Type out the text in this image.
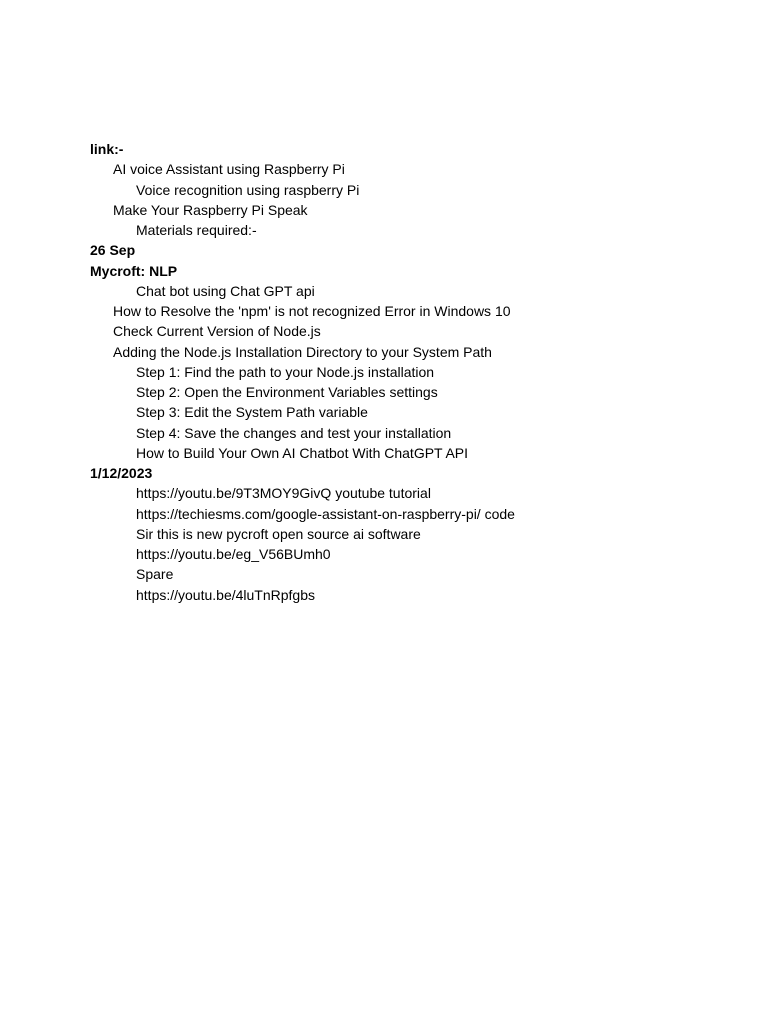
link:-
AI voice Assistant using Raspberry Pi
Voice recognition using raspberry Pi
Make Your Raspberry Pi Speak
Materials required:-
26 Sep
Mycroft: NLP
Chat bot using Chat GPT api
How to Resolve the 'npm' is not recognized Error in Windows 10
Check Current Version of Node.js
Adding the Node.js Installation Directory to your System Path
Step 1: Find the path to your Node.js installation
Step 2: Open the Environment Variables settings
Step 3: Edit the System Path variable
Step 4: Save the changes and test your installation
How to Build Your Own AI Chatbot With ChatGPT API
1/12/2023
https://youtu.be/9T3MOY9GivQ youtube tutorial
https://techiesms.com/google-assistant-on-raspberry-pi/ code
Sir this is new pycroft open source ai software
https://youtu.be/eg_V56BUmh0
Spare
https://youtu.be/4luTnRpfgbs
